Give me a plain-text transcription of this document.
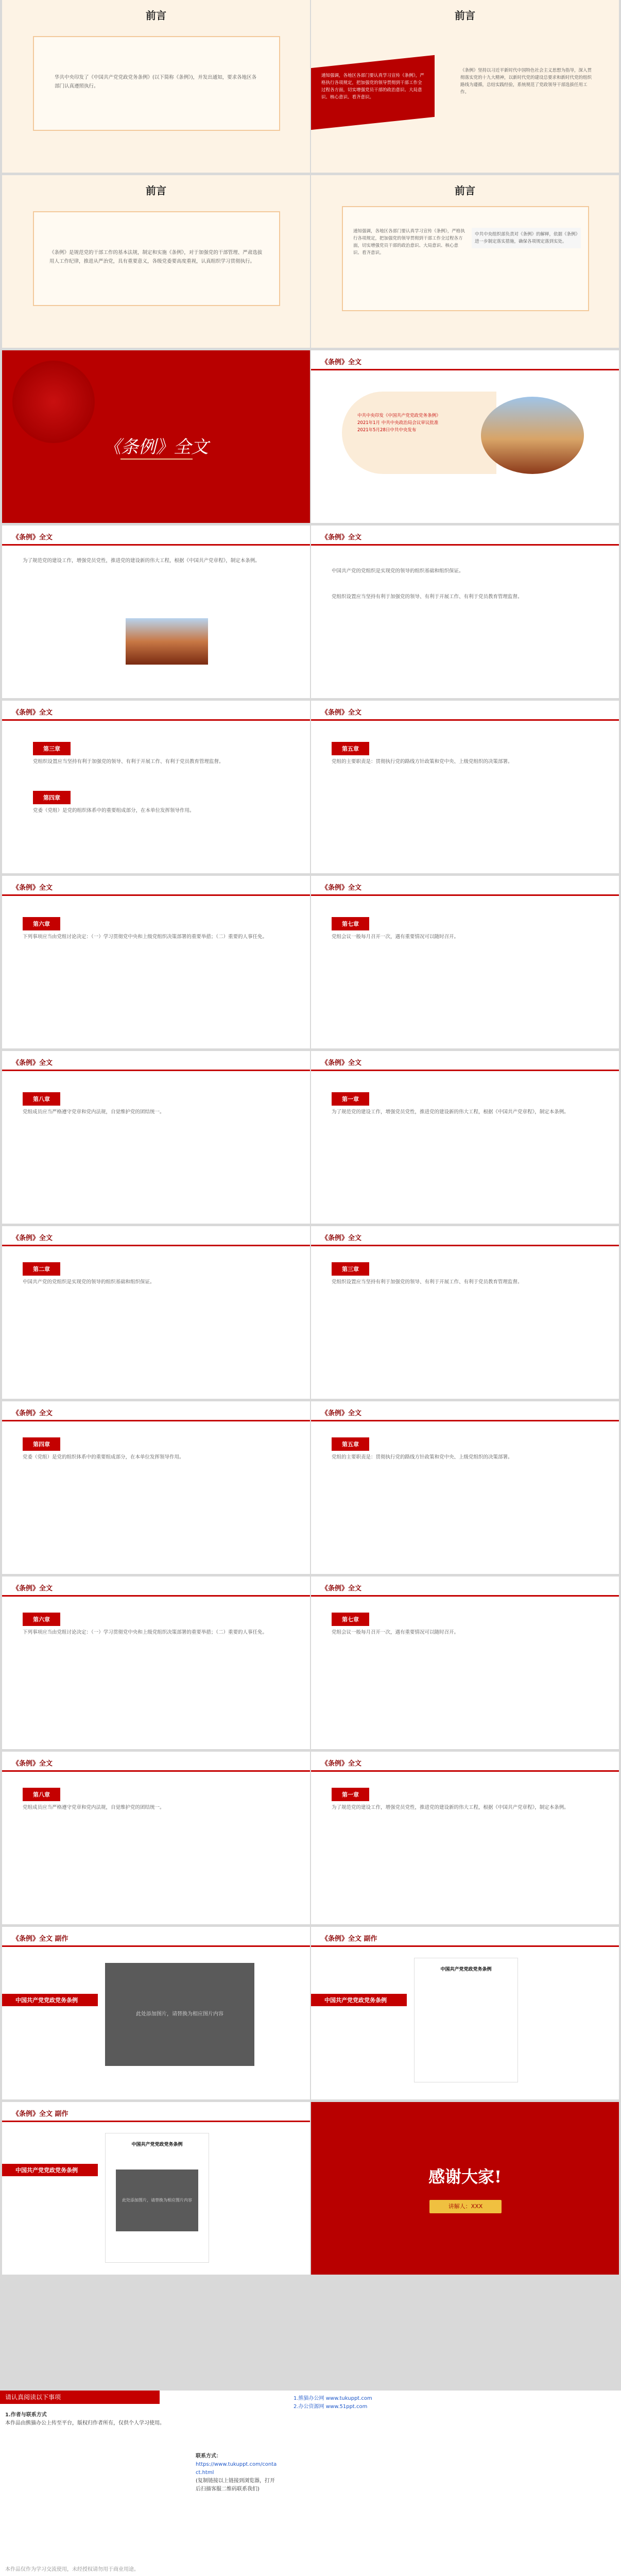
前言
华共中央印发了《中国共产党党政党务条例》(以下简称《条例》)，并发出通知，要求各地区各部门认真遵照执行。
前言
通知强调，各地区各部门要认真学习宣传《条例》，严格执行各项规定，把加强党的领导贯彻到干部工作全过程各方面，切实增强党员干部的政治意识、大局意识、核心意识、看齐意识。
《条例》坚持以习近平新时代中国特色社会主义思想为指导，深入贯彻落实党的十九大精神，以新时代党的建设总要求和新时代党的组织路线为遵循，总结实践经验，系统规范了党政领导干部选拔任用工作。
前言
《条例》是规范党的干部工作的基本法规，制定和实施《条例》，对于加强党的干部管理、严肃选拔用人工作纪律，推进从严治党，具有重要意义，各级党委要高度重视，认真组织学习贯彻执行。
前言
通知强调，各地区各部门要认真学习宣传《条例》，严格执行各项规定，把加强党的领导贯彻到干部工作全过程各方面，切实增强党员干部的政治意识、大局意识、核心意识、看齐意识。
中共中央组织部负责对《条例》的解释，依据《条例》进一步制定落实措施，确保各项规定落到实处。
《条例》全文
《条例》全文
中共中央印发《中国共产党党政党务条例》 2021年1月 中共中央政治局会议审议批准 2021年5月28日中共中央发布
《条例》全文
为了规范党的建设工作，增强党员党性，推进党的建设新的伟大工程，根据《中国共产党章程》，制定本条例。
《条例》全文
中国共产党的党组织是实现党的领导的组织基础和组织保证。
党组织设置应当坚持有利于加强党的领导、有利于开展工作、有利于党员教育管理监督。
《条例》全文
第三章
党组织设置应当坚持有利于加强党的领导、有利于开展工作、有利于党员教育管理监督。
第四章
党委（党组）是党的组织体系中的重要组成部分，在本单位发挥领导作用。
《条例》全文
第五章
党组的主要职责是：贯彻执行党的路线方针政策和党中央、上级党组织的决策部署。
《条例》全文
第六章
下列事项应当由党组讨论决定：（一）学习贯彻党中央和上级党组织决策部署的重要举措；（二）重要的人事任免。
《条例》全文
第七章
党组会议一般每月召开一次，遇有重要情况可以随时召开。
《条例》全文
第八章
党组成员应当严格遵守党章和党内法规，自觉维护党的团结统一。
《条例》全文
第一章
为了规范党的建设工作，增强党员党性，推进党的建设新的伟大工程，根据《中国共产党章程》，制定本条例。
《条例》全文
第二章
中国共产党的党组织是实现党的领导的组织基础和组织保证。
《条例》全文
第三章
党组织设置应当坚持有利于加强党的领导、有利于开展工作、有利于党员教育管理监督。
《条例》全文
第四章
党委（党组）是党的组织体系中的重要组成部分，在本单位发挥领导作用。
《条例》全文
第五章
党组的主要职责是：贯彻执行党的路线方针政策和党中央、上级党组织的决策部署。
《条例》全文
第六章
下列事项应当由党组讨论决定：（一）学习贯彻党中央和上级党组织决策部署的重要举措；（二）重要的人事任免。
《条例》全文
第七章
党组会议一般每月召开一次，遇有重要情况可以随时召开。
《条例》全文
第八章
党组成员应当严格遵守党章和党内法规，自觉维护党的团结统一。
《条例》全文
第一章
为了规范党的建设工作，增强党员党性，推进党的建设新的伟大工程，根据《中国共产党章程》，制定本条例。
《条例》全文 副作
中国共产党党政党务条例
此处添加图片，请替换为相应图片内容
《条例》全文 副作
中国共产党党政党务条例
中国共产党党政党务条例
《条例》全文 副作
中国共产党党政党务条例
中国共产党党政党务条例
此处添加图片，请替换为相应图片内容
感谢大家!
讲解人：XXX
请认真阅读以下事项
1.作者与联系方式
本作品由熊猫办公上传至平台，版权归作者所有，仅供个人学习使用。
1.熊猫办公网 www.tukuppt.com
2.办公资源网 www.51ppt.com
联系方式：
https://www.tukuppt.com/contact.html
(复制链接以上链接到浏览器，打开后扫描客服二维码联系我们)
本作品仅作为学习交流使用，未经授权请勿用于商业用途。
